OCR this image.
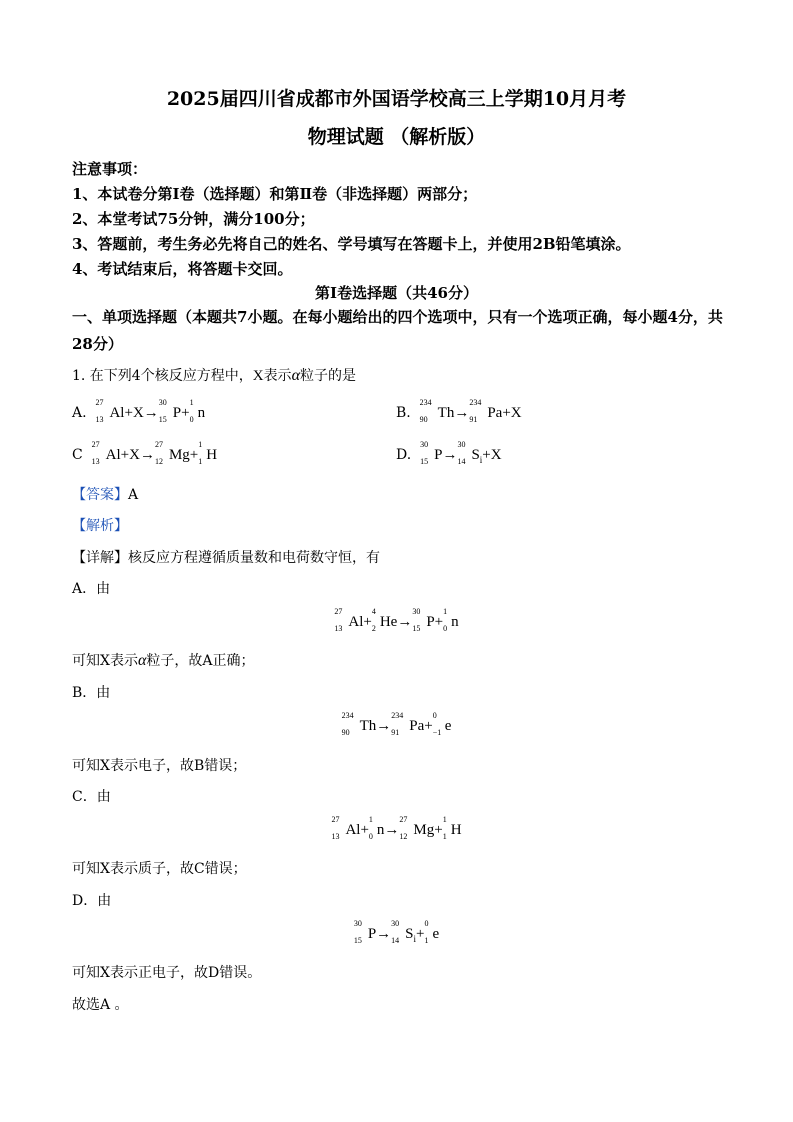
2025届四川省成都市外国语学校高三上学期10月月考
物理试题 （解析版）
注意事项：
1、本试卷分第I卷（选择题）和第Ⅱ卷（非选择题）两部分；
2、本堂考试75分钟，满分100分；
3、答题前，考生务必先将自己的姓名、学号填写在答题卡上，并使用2B铅笔填涂。
4、考试结束后，将答题卡交回。
第I卷选择题（共46分）
一、单项选择题（本题共7小题。在每小题给出的四个选项中，只有一个选项正确，每小题4分，共28分）
1. 在下列4个核反应方程中，X表示α粒子的是
A.
27
13 Al+X→
30
15 P+
1
0 n	B.
234
90 Th→
234
91 Pa+X
C
27
13 Al+X→
27
12 Mg+
1
1 H	D.
30
15 P→
30
14 $S_i+X$
【答案】A
【解析】
【详解】核反应方程遵循质量数和电荷数守恒，有
A．由
27
13 Al+
4
2 He→
30
15 P+
1
0 n
可知X表示α粒子，故A正确；
B．由
234
90 Th→
234
91 Pa+
0
−1 e
可知X表示电子，故B错误；
C．由
27
13 Al+
1
0 n→
27
12 Mg+
1
1 H
可知X表示质子，故C错误；
D．由
30
15 P→
30
14 $S_i+$
0
1 e
可知X表示正电子，故D错误。
故选A 。
